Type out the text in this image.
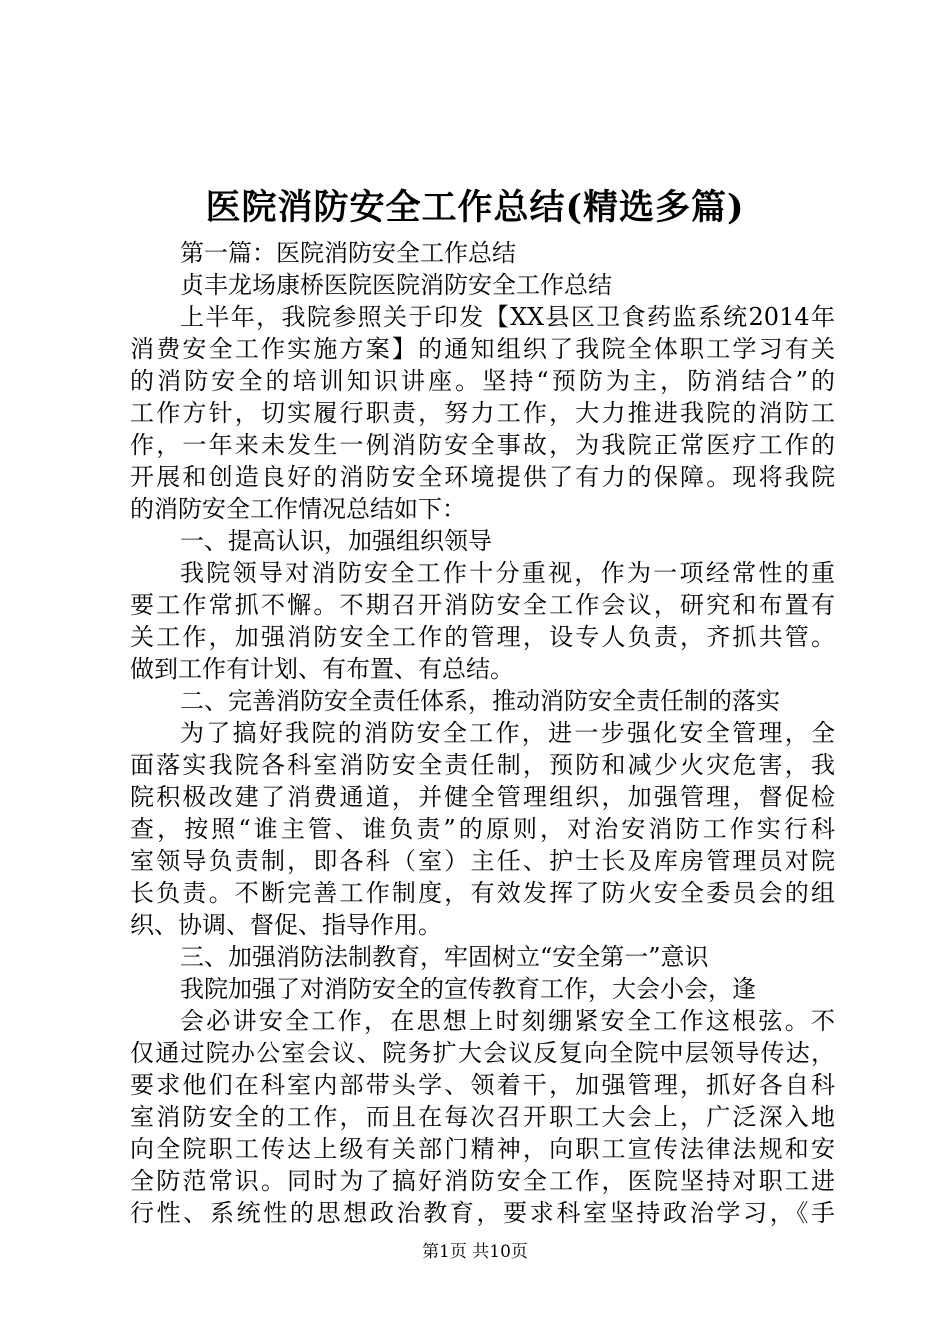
医院消防安全工作总结(精选多篇)
第一篇：医院消防安全工作总结
贞丰龙场康桥医院医院消防安全工作总结
上半年，我院参照关于印发【XX县区卫食药监系统2014年
消费安全工作实施方案】的通知组织了我院全体职工学习有关
的消防安全的培训知识讲座。坚持“预防为主，防消结合”的
工作方针，切实履行职责，努力工作，大力推进我院的消防工
作，一年来未发生一例消防安全事故，为我院正常医疗工作的
开展和创造良好的消防安全环境提供了有力的保障。现将我院
的消防安全工作情况总结如下：
一、提高认识，加强组织领导
我院领导对消防安全工作十分重视，作为一项经常性的重
要工作常抓不懈。不期召开消防安全工作会议，研究和布置有
关工作，加强消防安全工作的管理，设专人负责，齐抓共管。
做到工作有计划、有布置、有总结。
二、完善消防安全责任体系，推动消防安全责任制的落实
为了搞好我院的消防安全工作，进一步强化安全管理，全
面落实我院各科室消防安全责任制，预防和减少火灾危害，我
院积极改建了消费通道，并健全管理组织，加强管理，督促检
查，按照“谁主管、谁负责”的原则，对治安消防工作实行科
室领导负责制，即各科（室）主任、护士长及库房管理员对院
长负责。不断完善工作制度，有效发挥了防火安全委员会的组
织、协调、督促、指导作用。
三、加强消防法制教育，牢固树立“安全第一”意识
我院加强了对消防安全的宣传教育工作，大会小会，逢
会必讲安全工作，在思想上时刻绷紧安全工作这根弦。不
仅通过院办公室会议、院务扩大会议反复向全院中层领导传达，
要求他们在科室内部带头学、领着干，加强管理，抓好各自科
室消防安全的工作，而且在每次召开职工大会上，广泛深入地
向全院职工传达上级有关部门精神，向职工宣传法律法规和安
全防范常识。同时为了搞好消防安全工作，医院坚持对职工进
行性、系统性的思想政治教育，要求科室坚持政治学习，《手
第1页 共10页
